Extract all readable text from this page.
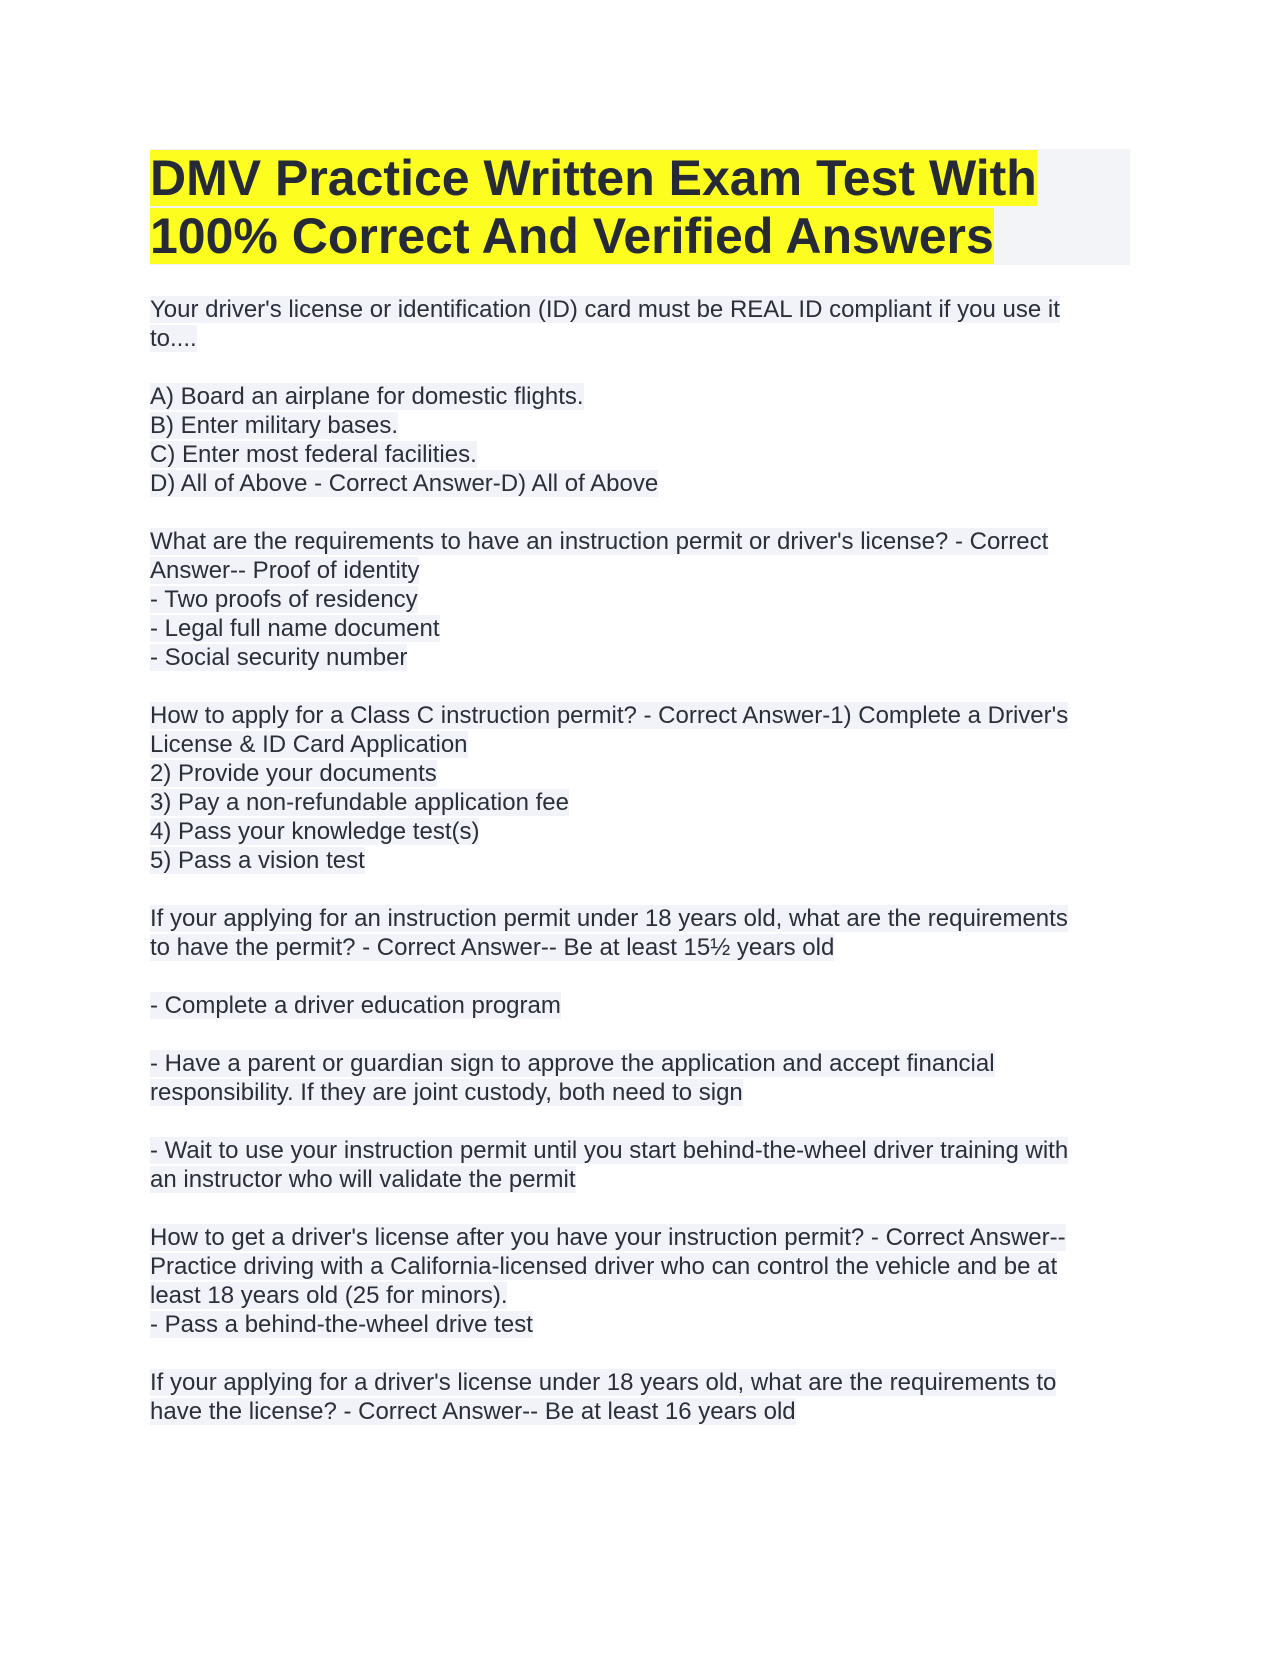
DMV Practice Written Exam Test With
100% Correct And Verified Answers
Your driver's license or identification (ID) card must be REAL ID compliant if you use it
to....
A) Board an airplane for domestic flights.
B) Enter military bases.
C) Enter most federal facilities.
D) All of Above - Correct Answer-D) All of Above
What are the requirements to have an instruction permit or driver's license? - Correct
Answer-- Proof of identity
- Two proofs of residency
- Legal full name document
- Social security number
How to apply for a Class C instruction permit? - Correct Answer-1) Complete a Driver's
License & ID Card Application
2) Provide your documents
3) Pay a non-refundable application fee
4) Pass your knowledge test(s)
5) Pass a vision test
If your applying for an instruction permit under 18 years old, what are the requirements
to have the permit? - Correct Answer-- Be at least 15½ years old
- Complete a driver education program
- Have a parent or guardian sign to approve the application and accept financial
responsibility. If they are joint custody, both need to sign
- Wait to use your instruction permit until you start behind-the-wheel driver training with
an instructor who will validate the permit
How to get a driver's license after you have your instruction permit? - Correct Answer--
Practice driving with a California-licensed driver who can control the vehicle and be at
least 18 years old (25 for minors).
- Pass a behind-the-wheel drive test
If your applying for a driver's license under 18 years old, what are the requirements to
have the license? - Correct Answer-- Be at least 16 years old
